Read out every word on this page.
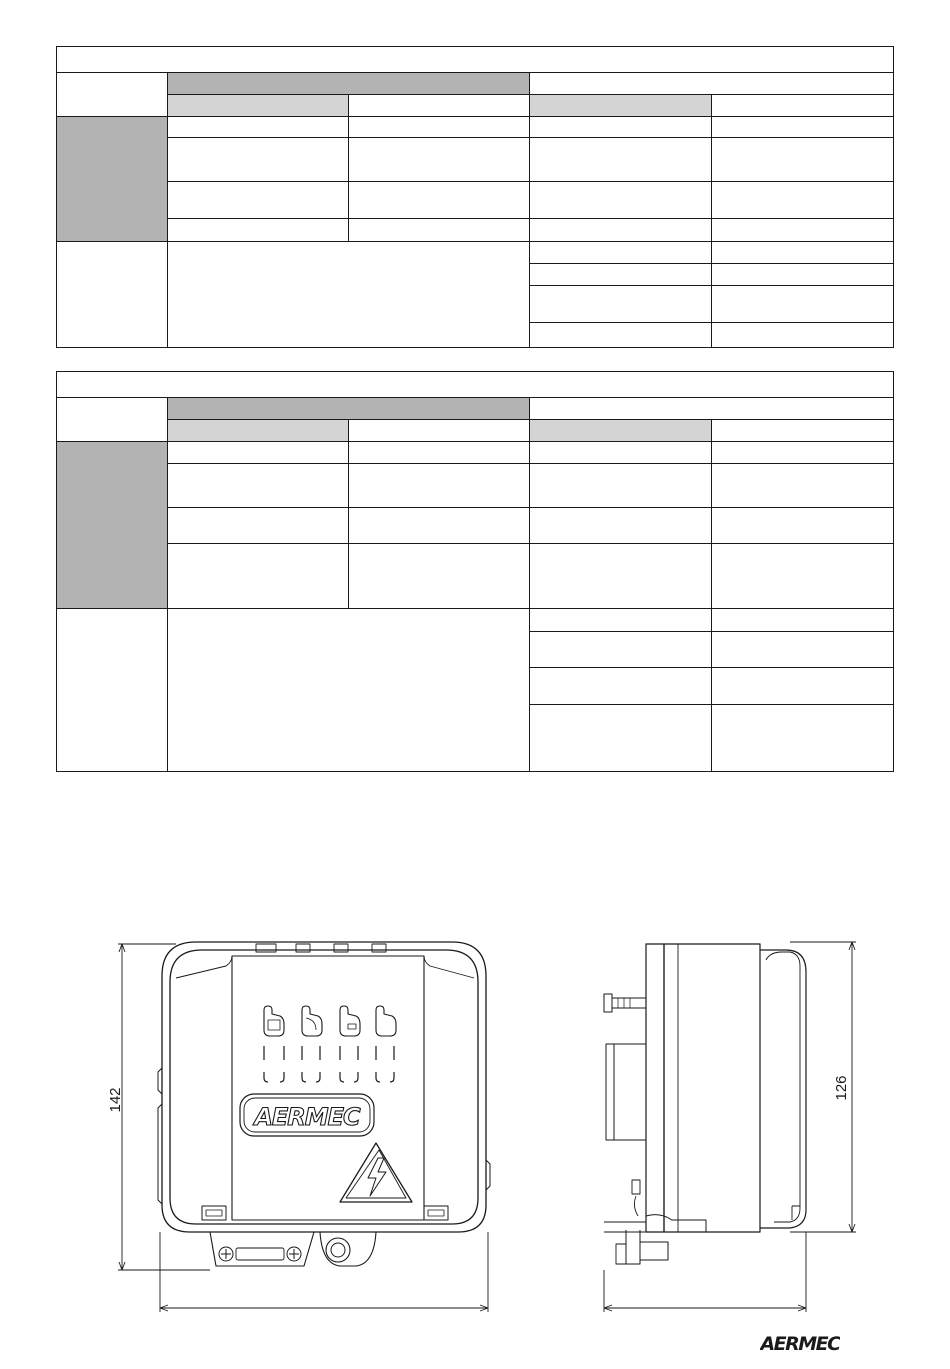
AERMEC
142	126
AERMEC
